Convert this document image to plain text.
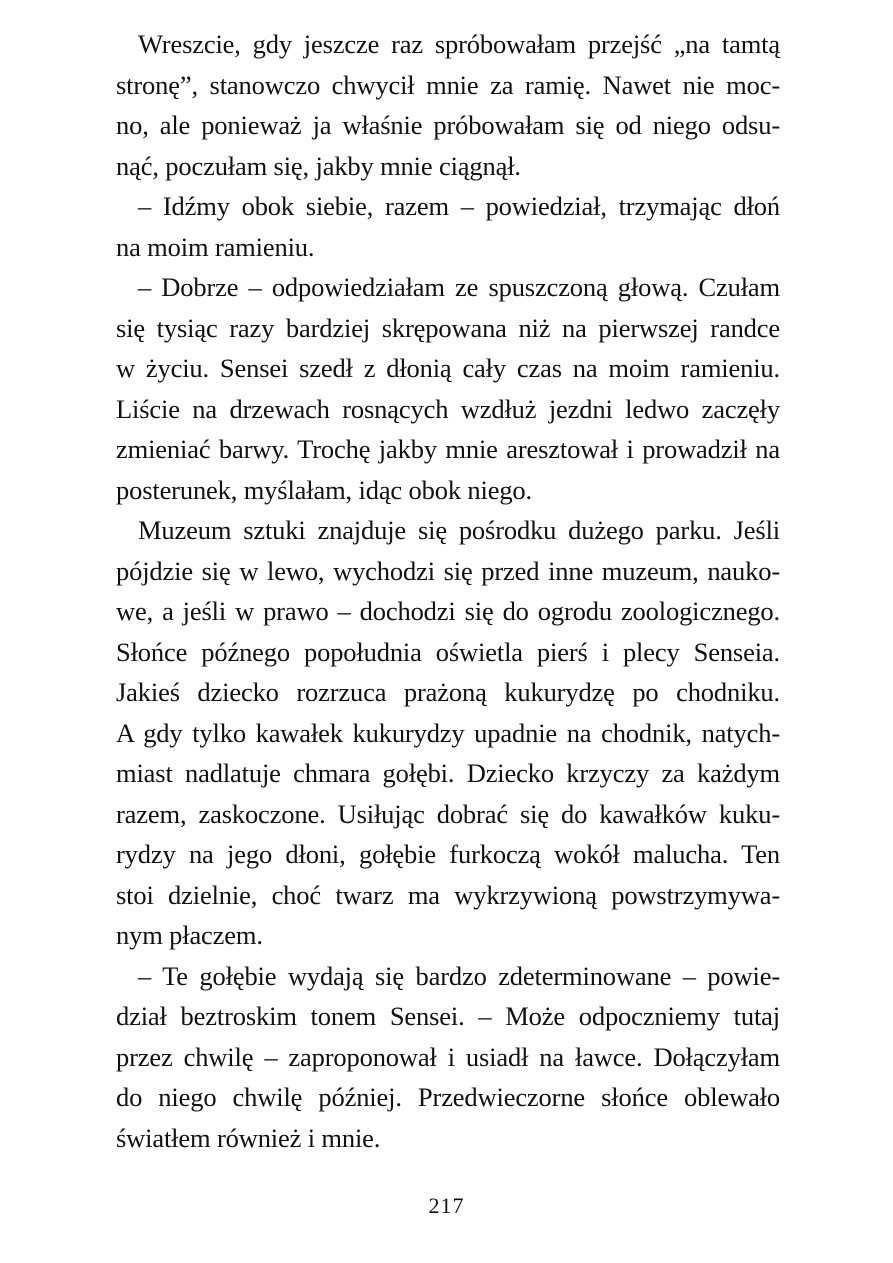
Wreszcie, gdy jeszcze raz spróbowałam przejść „na tamtą
stronę”, stanowczo chwycił mnie za ramię. Nawet nie moc-
no, ale ponieważ ja właśnie próbowałam się od niego odsu-
nąć, poczułam się, jakby mnie ciągnął.
– Idźmy obok siebie, razem – powiedział, trzymając dłoń
na moim ramieniu.
– Dobrze – odpowiedziałam ze spuszczoną głową. Czułam
się tysiąc razy bardziej skrępowana niż na pierwszej randce
w życiu. Sensei szedł z dłonią cały czas na moim ramieniu.
Liście na drzewach rosnących wzdłuż jezdni ledwo zaczęły
zmieniać barwy. Trochę jakby mnie aresztował i prowadził na
posterunek, myślałam, idąc obok niego.
Muzeum sztuki znajduje się pośrodku dużego parku. Jeśli
pójdzie się w lewo, wychodzi się przed inne muzeum, nauko-
we, a jeśli w prawo – dochodzi się do ogrodu zoologicznego.
Słońce późnego popołudnia oświetla pierś i plecy Senseia.
Jakieś dziecko rozrzuca prażoną kukurydzę po chodniku.
A gdy tylko kawałek kukurydzy upadnie na chodnik, natych-
miast nadlatuje chmara gołębi. Dziecko krzyczy za każdym
razem, zaskoczone. Usiłując dobrać się do kawałków kuku-
rydzy na jego dłoni, gołębie furkoczą wokół malucha. Ten
stoi dzielnie, choć twarz ma wykrzywioną powstrzymywa-
nym płaczem.
– Te gołębie wydają się bardzo zdeterminowane – powie-
dział beztroskim tonem Sensei. – Może odpoczniemy tutaj
przez chwilę – zaproponował i usiadł na ławce. Dołączyłam
do niego chwilę później. Przedwieczorne słońce oblewało
światłem również i mnie.
217
